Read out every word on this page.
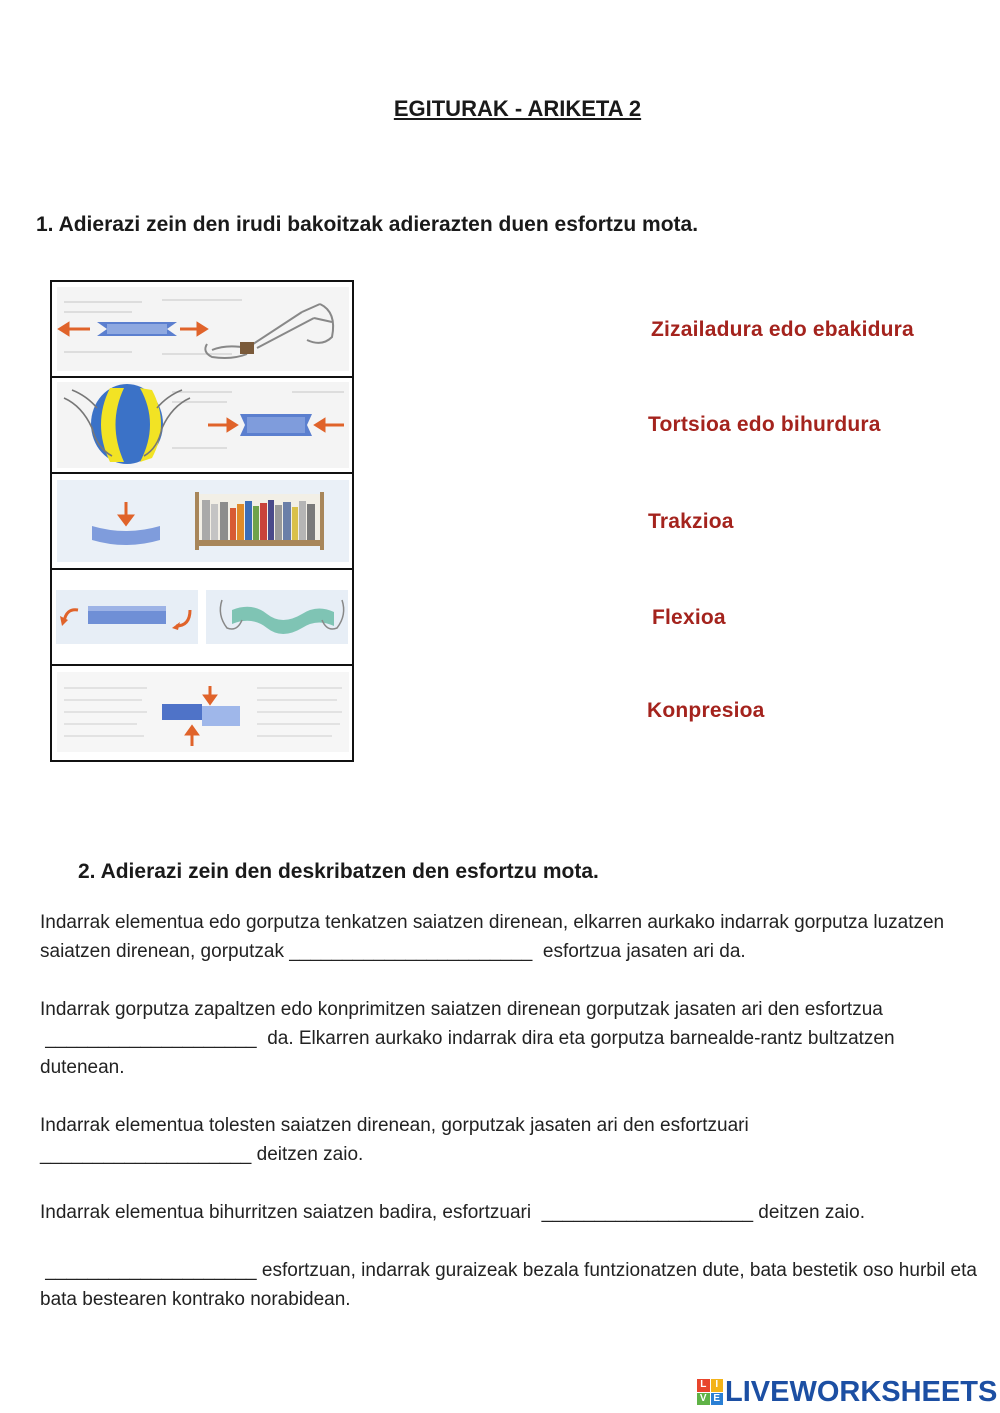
EGITURAK - ARIKETA 2
1. Adierazi zein den irudi bakoitzak adierazten duen esfortzu mota.
Zizailadura edo ebakidura
Tortsioa edo bihurdura
Trakzioa
Flexioa
Konpresioa
2. Adierazi zein den deskribatzen den esfortzu mota.
Indarrak elementua edo gorputza tenkatzen saiatzen direnean, elkarren aurkako indarrak gorputza luzatzen saiatzen direnean, gorputzak _______________________ esfortzua jasaten ari da.
Indarrak gorputza zapaltzen edo konprimitzen saiatzen direnean gorputzak jasaten ari den esfortzua  ____________________ da. Elkarren aurkako indarrak dira eta gorputza barnealde-rantz bultzatzen dutenean.
Indarrak elementua tolesten saiatzen direnean, gorputzak jasaten ari den esfortzuari ____________________ deitzen zaio.
Indarrak elementua bihurritzen saiatzen badira, esfortzuari ____________________ deitzen zaio.
____________________ esfortzuan, indarrak guraizeak bezala funtzionatzen dute, bata bestetik oso hurbil eta bata bestearen kontrako norabidean.
L I
V E LIVEWORKSHEETS
